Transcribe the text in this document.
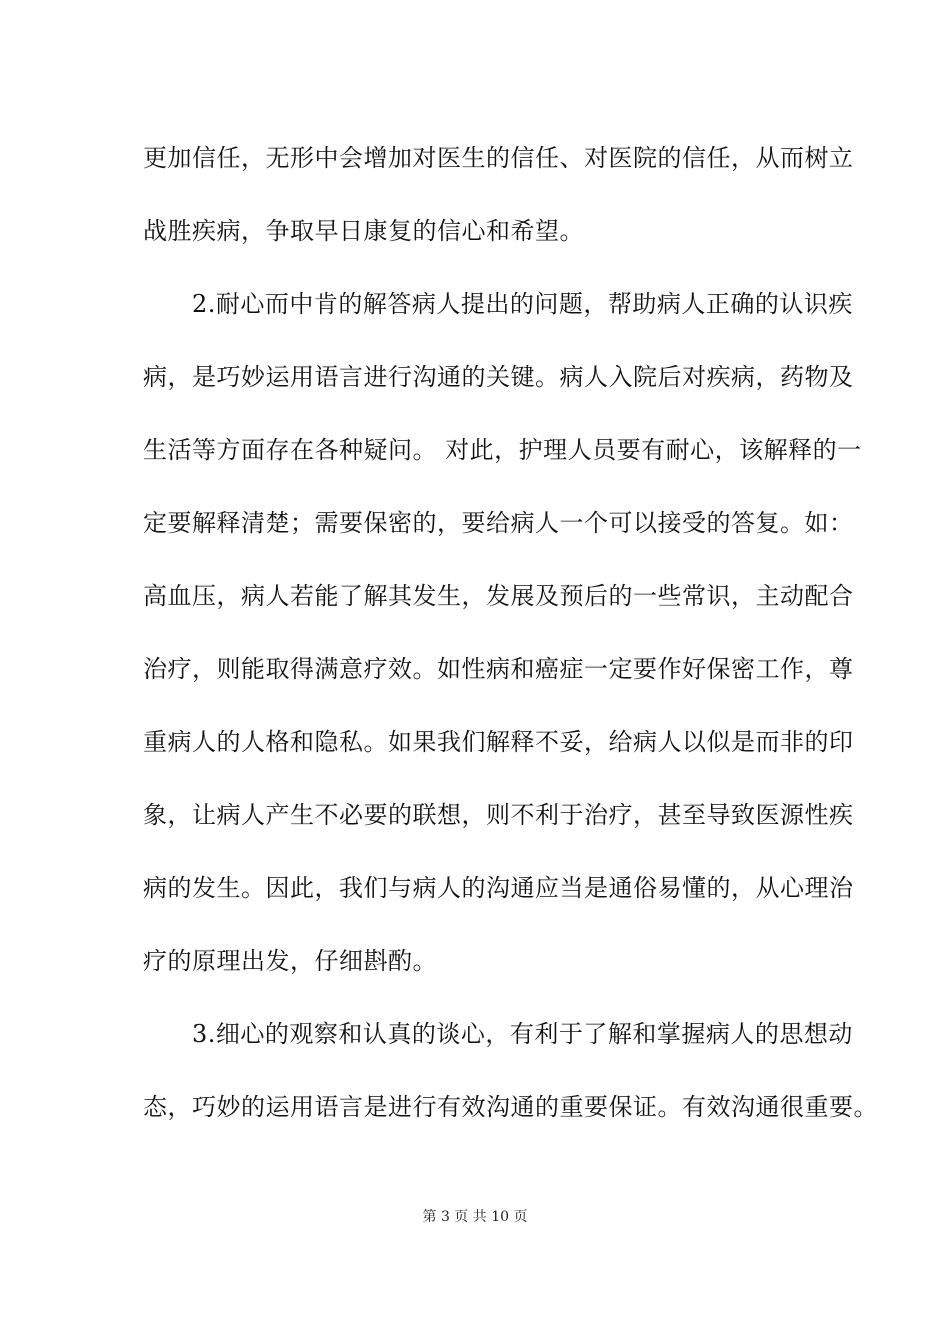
更加信任，无形中会增加对医生的信任、对医院的信任，从而树立
战胜疾病，争取早日康复的信心和希望。
　　2.耐心而中肯的解答病人提出的问题，帮助病人正确的认识疾
病，是巧妙运用语言进行沟通的关键。病人入院后对疾病，药物及
生活等方面存在各种疑问。 对此，护理人员要有耐心，该解释的一
定要解释清楚；需要保密的，要给病人一个可以接受的答复。如：
高血压，病人若能了解其发生，发展及预后的一些常识，主动配合
治疗，则能取得满意疗效。如性病和癌症一定要作好保密工作，尊
重病人的人格和隐私。如果我们解释不妥，给病人以似是而非的印
象，让病人产生不必要的联想，则不利于治疗，甚至导致医源性疾
病的发生。因此，我们与病人的沟通应当是通俗易懂的，从心理治
疗的原理出发，仔细斟酌。
　　3.细心的观察和认真的谈心，有利于了解和掌握病人的思想动
态，巧妙的运用语言是进行有效沟通的重要保证。有效沟通很重要。
第 3 页 共 10 页
